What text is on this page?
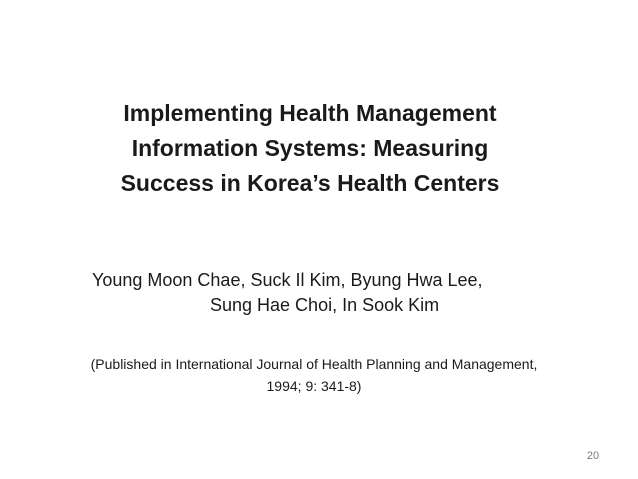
Implementing Health Management
Information Systems: Measuring
Success in Korea’s Health Centers
Young Moon Chae, Suck Il Kim, Byung Hwa Lee,
Sung Hae Choi, In Sook Kim
(Published in International Journal of Health Planning and Management,
1994; 9: 341-8)
20
